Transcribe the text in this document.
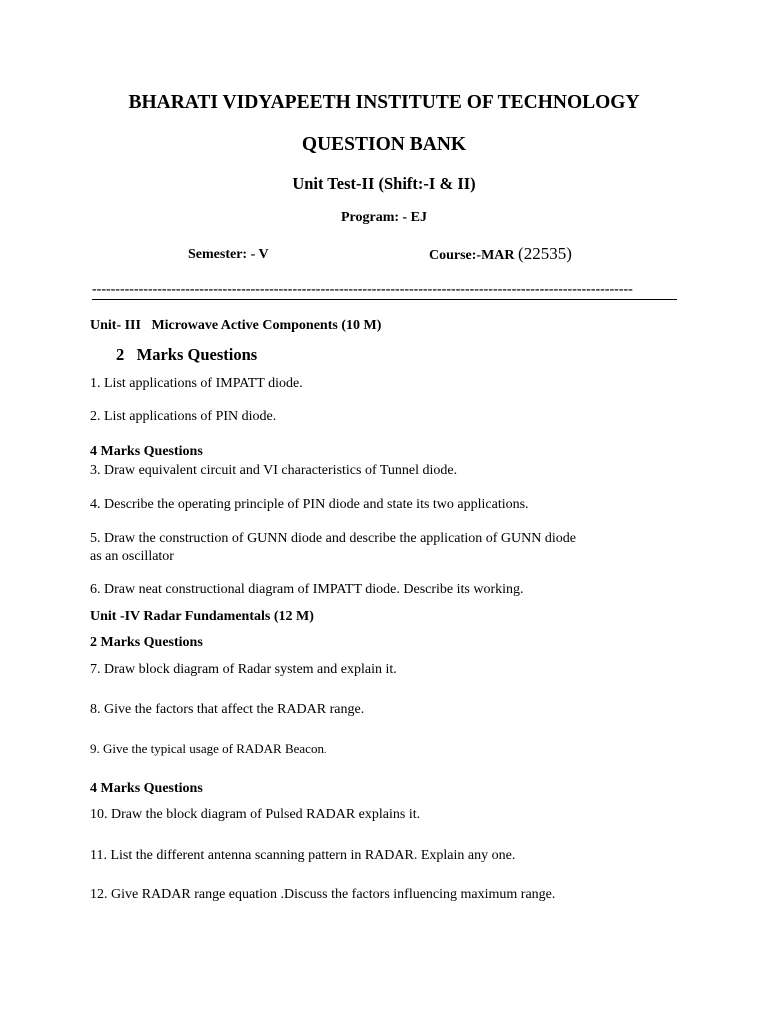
BHARATI VIDYAPEETH INSTITUTE OF TECHNOLOGY
QUESTION BANK
Unit Test-II (Shift:-I & II)
Program: - EJ
Semester: - V	Course:-MAR (22535)
--------------------------------------------------------------------------------------------------------------------
Unit- III   Microwave Active Components (10 M)
2   Marks Questions
1. List applications of IMPATT diode.
2. List applications of PIN diode.
4 Marks Questions
3. Draw equivalent circuit and VI characteristics of Tunnel diode.
4. Describe the operating principle of PIN diode and state its two applications.
5. Draw the construction of GUNN diode and describe the application of GUNN diode
as an oscillator
6. Draw neat constructional diagram of IMPATT diode. Describe its working.
Unit -IV Radar Fundamentals (12 M)
2 Marks Questions
7. Draw block diagram of Radar system and explain it.
8. Give the factors that affect the RADAR range.
9. Give the typical usage of RADAR Beacon.
4 Marks Questions
10. Draw the block diagram of Pulsed RADAR explains it.
11. List the different antenna scanning pattern in RADAR. Explain any one.
12. Give RADAR range equation .Discuss the factors influencing maximum range.
